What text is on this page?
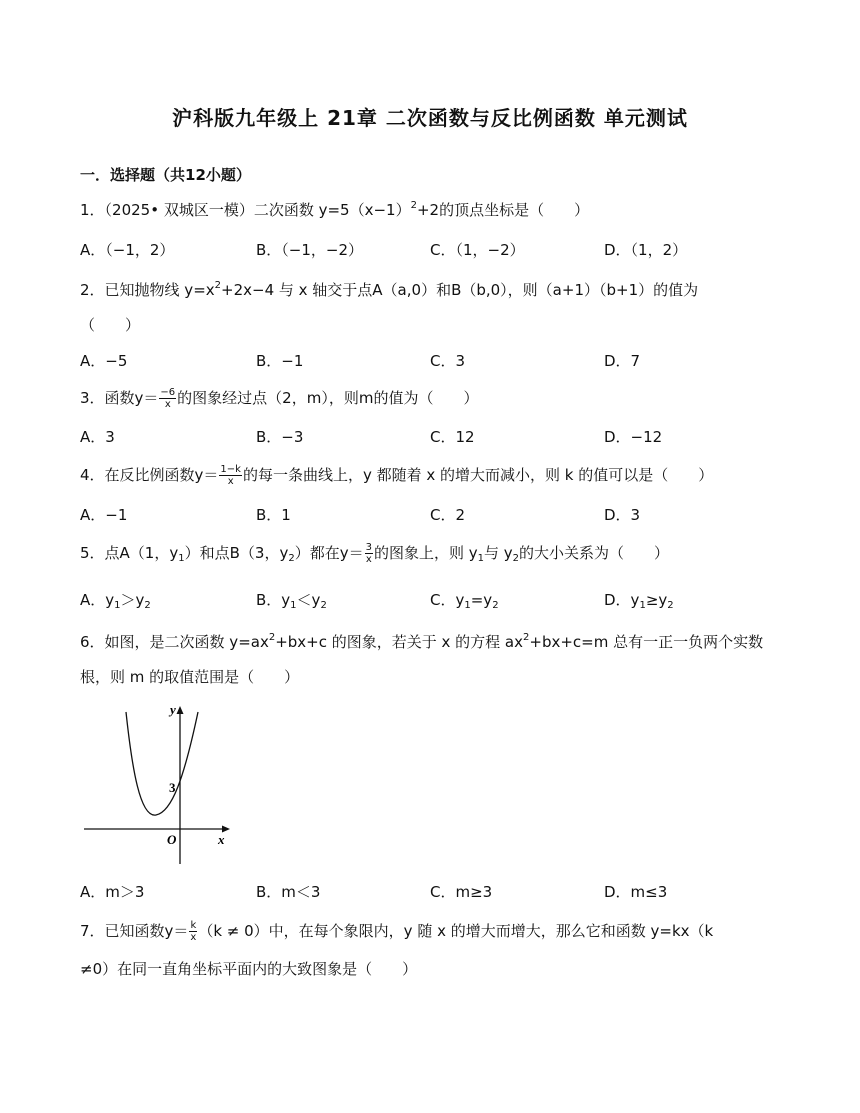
沪科版九年级上 21章 二次函数与反比例函数 单元测试
一．选择题（共12小题）
1．（2025• 双城区一模）二次函数 $y=5(x-1)^2+2$的顶点坐标是（　　）
A．（−1，2）	B．（−1，−2）	C．（1，−2）	D．（1，2）
2．已知抛物线 $y=x^2+2x-4$ 与 x 轴交于点A（a,0）和B（b,0），则（a+1）（b+1）的值为
（　　）
A．−5	B．−1	C．3	D．7
3．函数$y= \frac{-6}{x}$ 的图象经过点（2，m），则m的值为（　　）
A．3	B．−3	C．12	D．−12
4．在反比例函数$y= \frac{1-k}{x}$ 的每一条曲线上，y 都随着 x 的增大而减小，则 k 的值可以是（　　）
A．−1	B．1	C．2	D．3
5．点A（1，$y_1$）和点B（3，$y_2$）都在$y= \frac{3}{x}$ 的图象上，则 $y_1$与 $y_2$的大小关系为（　　）
A．$y_1>y_2$	B．$y_1<y_2$	C．$y_1=y_2$	D．$y_1\ge y_2$
6．如图，是二次函数 $y=ax^2+bx+c$ 的图象，若关于 x 的方程 $ax^2+bx+c=m$ 总有一正一负两个实数
根，则 m 的取值范围是（　　）
y
x
O
3
A．m＞3	B．m＜3	C．m≥3	D．m≤3
7．已知函数$y= \frac{k}{x} (k \ne 0)$中，在每个象限内，y 随 x 的增大而增大，那么它和函数 y=kx（k
≠0）在同一直角坐标平面内的大致图象是（　　）
